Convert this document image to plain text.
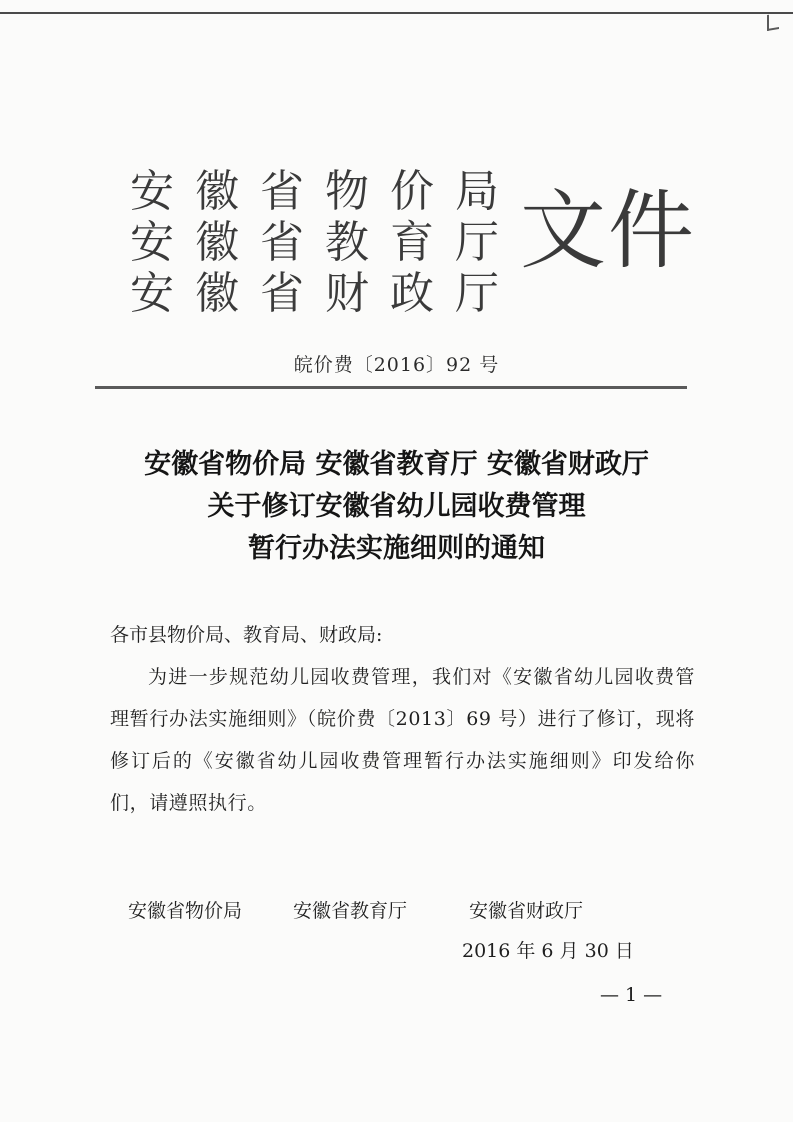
安徽省物价局
安徽省教育厅
安徽省财政厅
文件
皖价费〔2016〕92 号
安徽省物价局 安徽省教育厅 安徽省财政厅
关于修订安徽省幼儿园收费管理
暂行办法实施细则的通知
各市县物价局、教育局、财政局:
为进一步规范幼儿园收费管理，我们对《安徽省幼儿园收费管理暂行办法实施细则》（皖价费〔2013〕69 号）进行了修订，现将修订后的《安徽省幼儿园收费管理暂行办法实施细则》印发给你们，请遵照执行。
安徽省物价局	安徽省教育厅	安徽省财政厅
2016 年 6 月 30 日
— 1 —
